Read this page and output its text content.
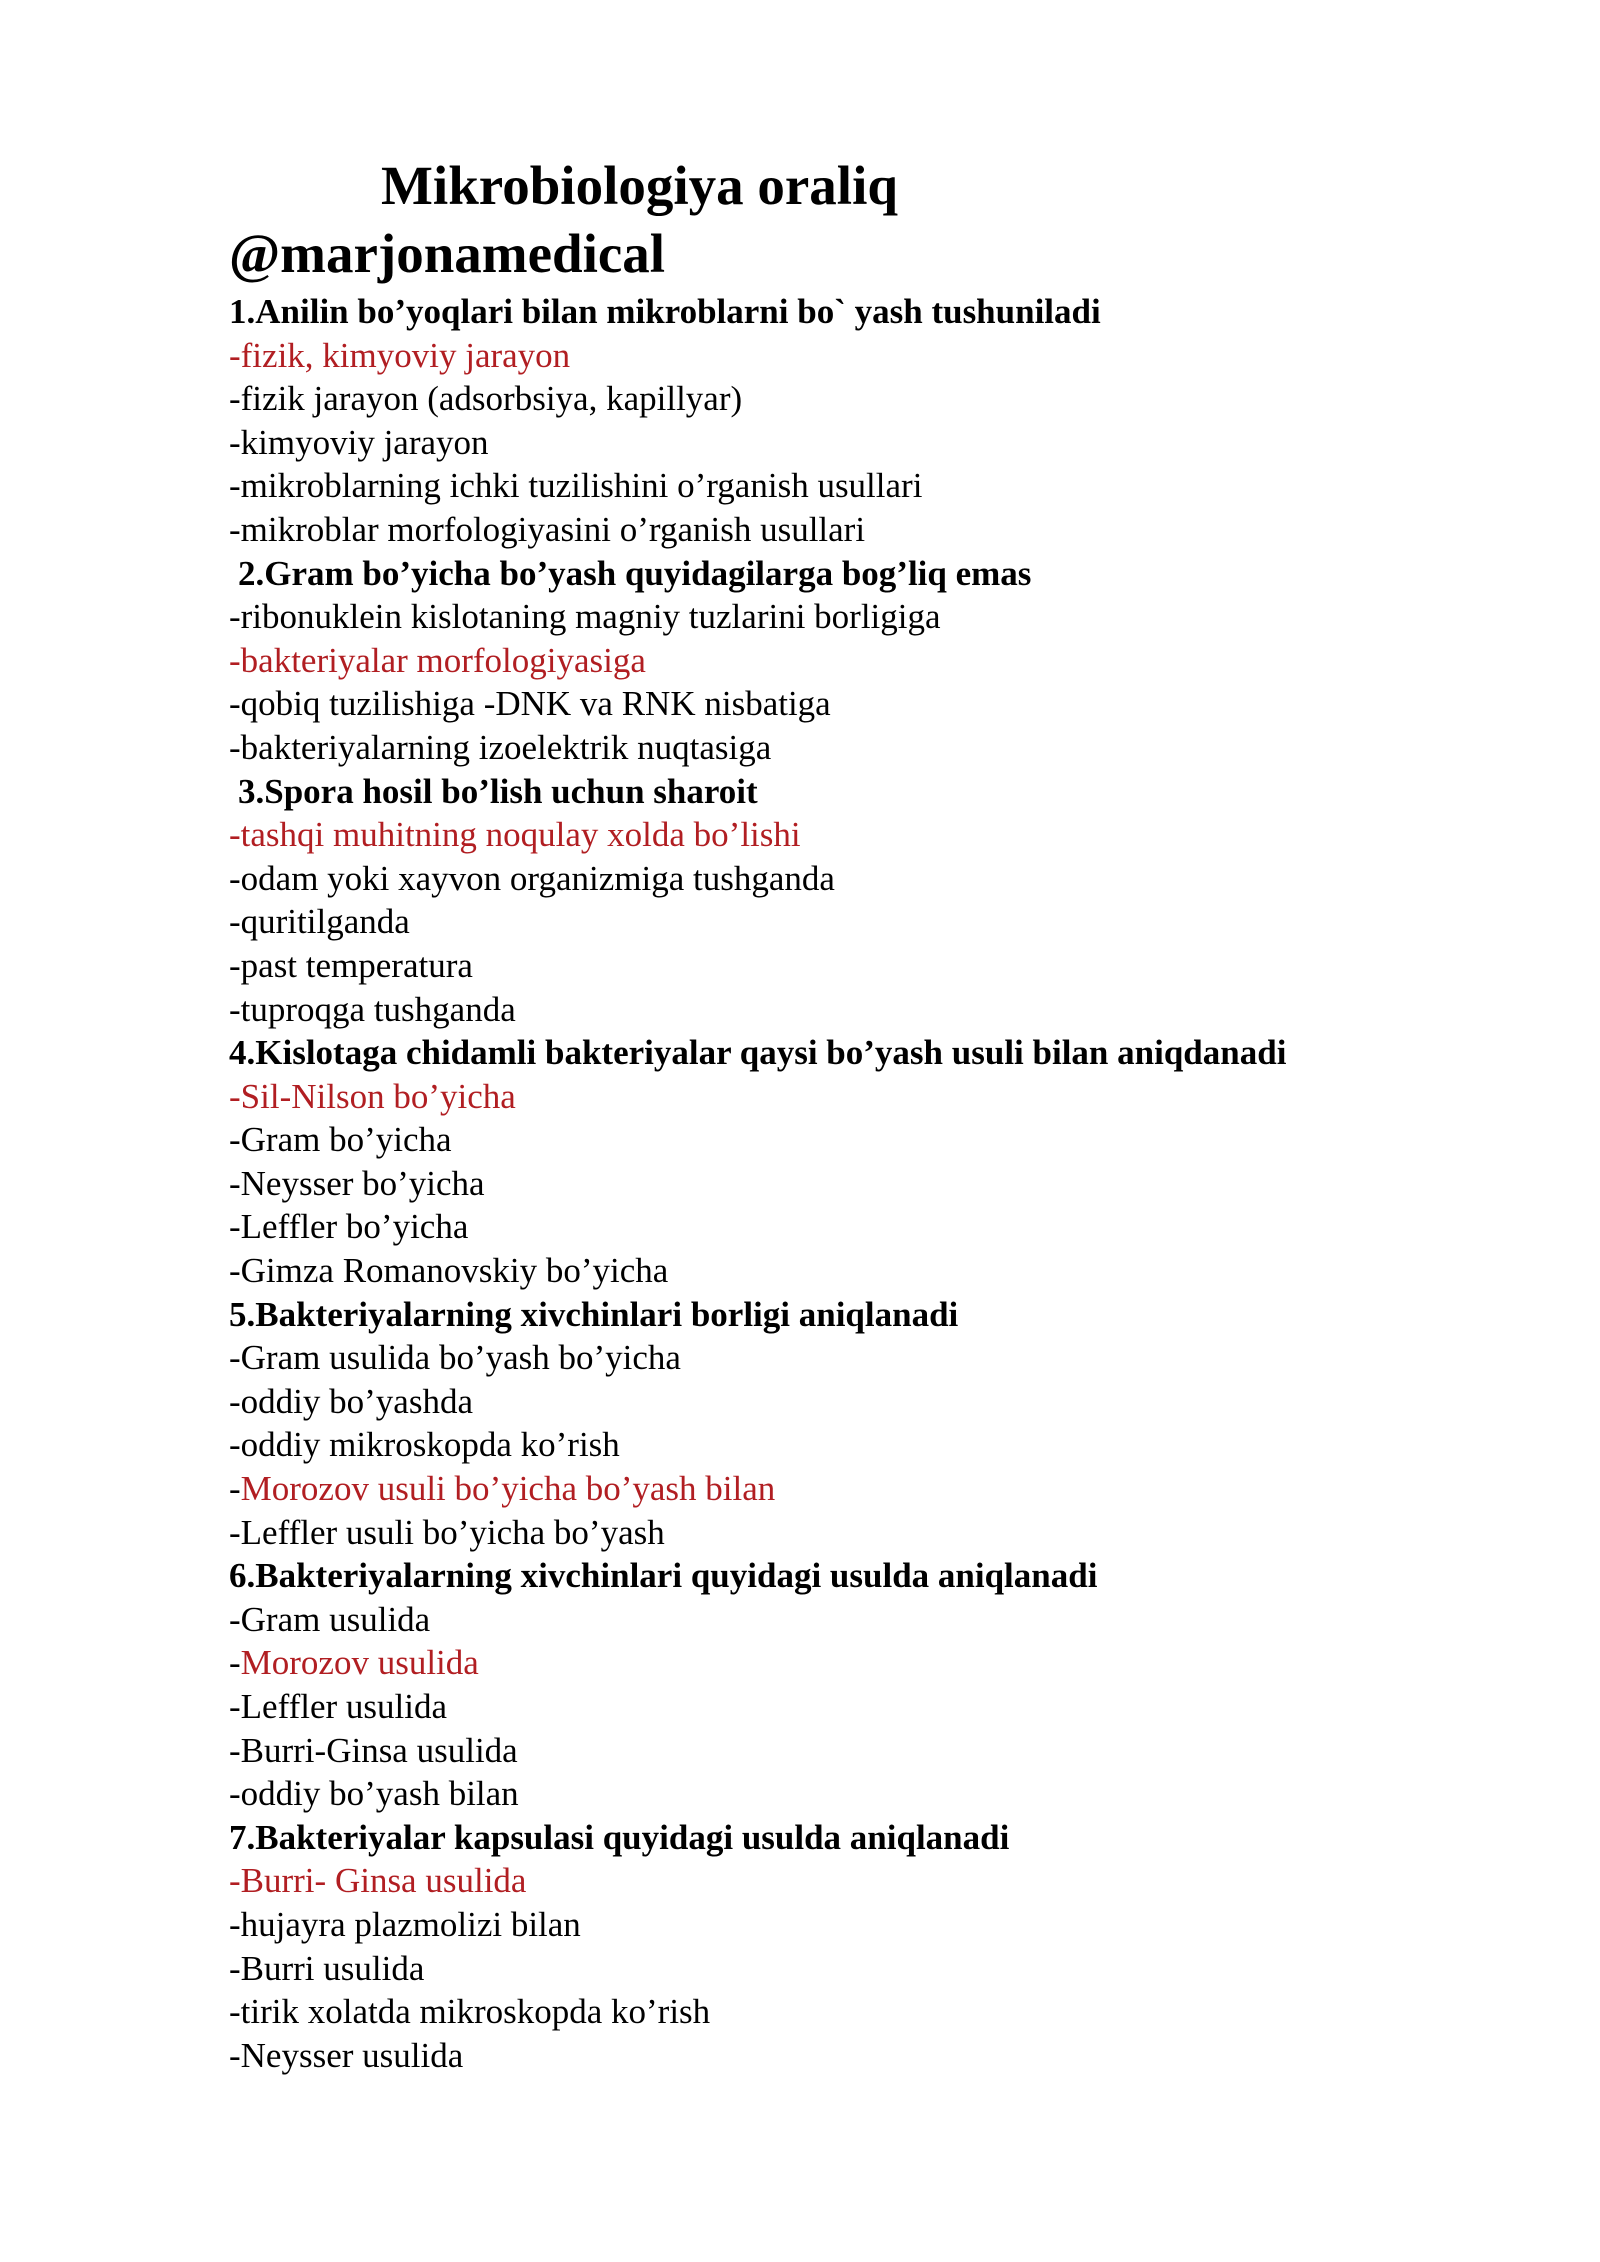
Mikrobiologiya oraliq
@marjonamedical
1.Anilin bo’yoqlari bilan mikroblarni bo` yash tushuniladi
-fizik, kimyoviy jarayon
-fizik jarayon (adsorbsiya, kapillyar)
-kimyoviy jarayon
-mikroblarning ichki tuzilishini o’rganish usullari
-mikroblar morfologiyasini o’rganish usullari
2.Gram bo’yicha bo’yash quyidagilarga bog’liq emas
-ribonuklein kislotaning magniy tuzlarini borligiga
-bakteriyalar morfologiyasiga
-qobiq tuzilishiga -DNK va RNK nisbatiga
-bakteriyalarning izoelektrik nuqtasiga
3.Spora hosil bo’lish uchun sharoit
-tashqi muhitning noqulay xolda bo’lishi
-odam yoki xayvon organizmiga tushganda
-quritilganda
-past temperatura
-tuproqga tushganda
4.Kislotaga chidamli bakteriyalar qaysi bo’yash usuli bilan aniqdanadi
-Sil-Nilson bo’yicha
-Gram bo’yicha
-Neysser bo’yicha
-Leffler bo’yicha
-Gimza Romanovskiy bo’yicha
5.Bakteriyalarning xivchinlari borligi aniqlanadi
-Gram usulida bo’yash bo’yicha
-oddiy bo’yashda
-oddiy mikroskopda ko’rish
-Morozov usuli bo’yicha bo’yash bilan
-Leffler usuli bo’yicha bo’yash
6.Bakteriyalarning xivchinlari quyidagi usulda aniqlanadi
-Gram usulida
-Morozov usulida
-Leffler usulida
-Burri-Ginsa usulida
-oddiy bo’yash bilan
7.Bakteriyalar kapsulasi quyidagi usulda aniqlanadi
-Burri- Ginsa usulida
-hujayra plazmolizi bilan
-Burri usulida
-tirik xolatda mikroskopda ko’rish
-Neysser usulida
